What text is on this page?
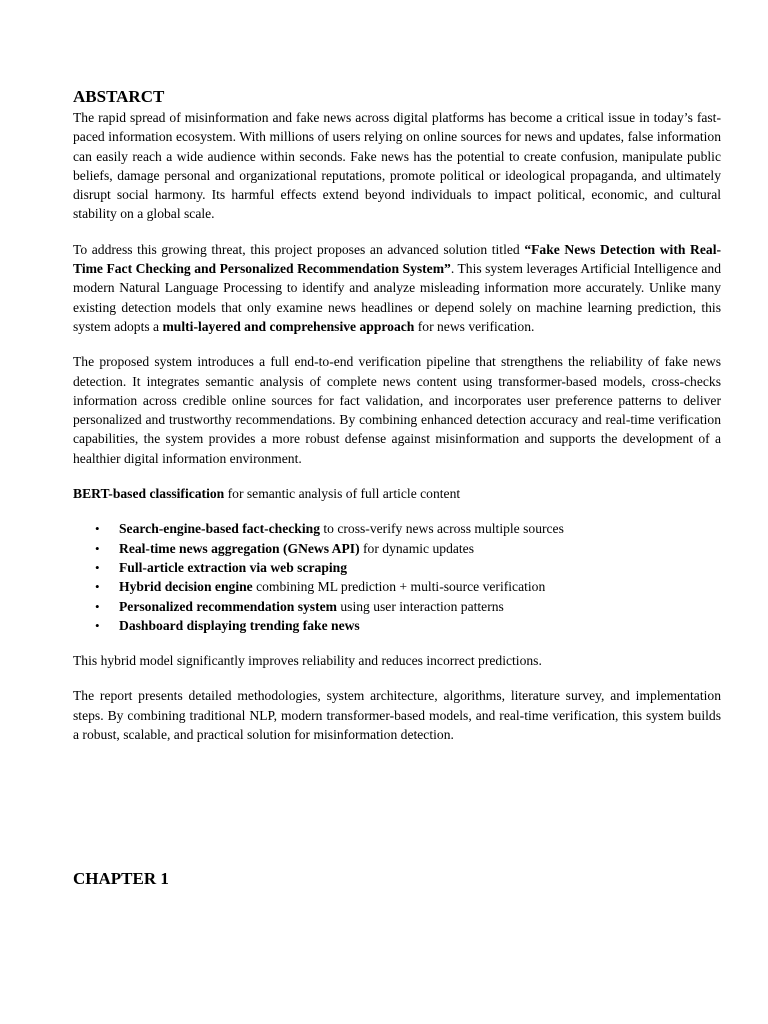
ABSTARCT

The rapid spread of misinformation and fake news across digital platforms has become a critical issue in today’s fast-paced information ecosystem. With millions of users relying on online sources for news and updates, false information can easily reach a wide audience within seconds. Fake news has the potential to create confusion, manipulate public beliefs, damage personal and organizational reputations, promote political or ideological propaganda, and ultimately disrupt social harmony. Its harmful effects extend beyond individuals to impact political, economic, and cultural stability on a global scale.

To address this growing threat, this project proposes an advanced solution titled “Fake News Detection with Real-Time Fact Checking and Personalized Recommendation System”. This system leverages Artificial Intelligence and modern Natural Language Processing to identify and analyze misleading information more accurately. Unlike many existing detection models that only examine news headlines or depend solely on machine learning prediction, this system adopts a multi-layered and comprehensive approach for news verification.

The proposed system introduces a full end-to-end verification pipeline that strengthens the reliability of fake news detection. It integrates semantic analysis of complete news content using transformer-based models, cross-checks information across credible online sources for fact validation, and incorporates user preference patterns to deliver personalized and trustworthy recommendations. By combining enhanced detection accuracy and real-time verification capabilities, the system provides a more robust defense against misinformation and supports the development of a healthier digital information environment.

BERT-based classification for semantic analysis of full article content

• Search-engine-based fact-checking to cross-verify news across multiple sources
• Real-time news aggregation (GNews API) for dynamic updates
• Full-article extraction via web scraping
• Hybrid decision engine combining ML prediction + multi-source verification
• Personalized recommendation system using user interaction patterns
• Dashboard displaying trending fake news

This hybrid model significantly improves reliability and reduces incorrect predictions.

The report presents detailed methodologies, system architecture, algorithms, literature survey, and implementation steps. By combining traditional NLP, modern transformer-based models, and real-time verification, this system builds a robust, scalable, and practical solution for misinformation detection.

CHAPTER 1
